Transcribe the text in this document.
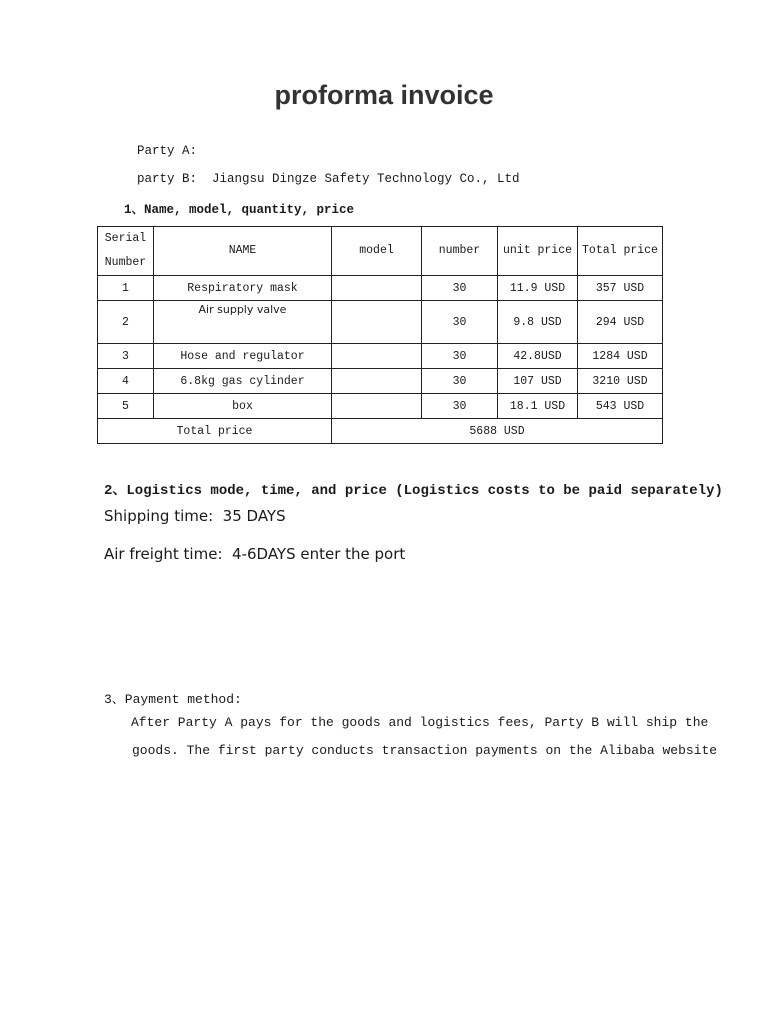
proforma invoice
Party A:
party B:  Jiangsu Dingze Safety Technology Co., Ltd
1、Name, model, quantity, price
Serial
Number	NAME	model	number	unit price	Total price
1	Respiratory mask		30	11.9 USD	357 USD
2	Air supply valve		30	9.8 USD	294 USD
3	Hose and regulator		30	42.8USD	1284 USD
4	6.8kg gas cylinder		30	107 USD	3210 USD
5	box		30	18.1 USD	543 USD
Total price		5688 USD			
2、Logistics mode, time, and price (Logistics costs to be paid separately)
Shipping time:  35 DAYS
Air freight time:  4-6DAYS enter the port
3、Payment method:
After Party A pays for the goods and logistics fees, Party B will ship the
goods. The first party conducts transaction payments on the Alibaba website
